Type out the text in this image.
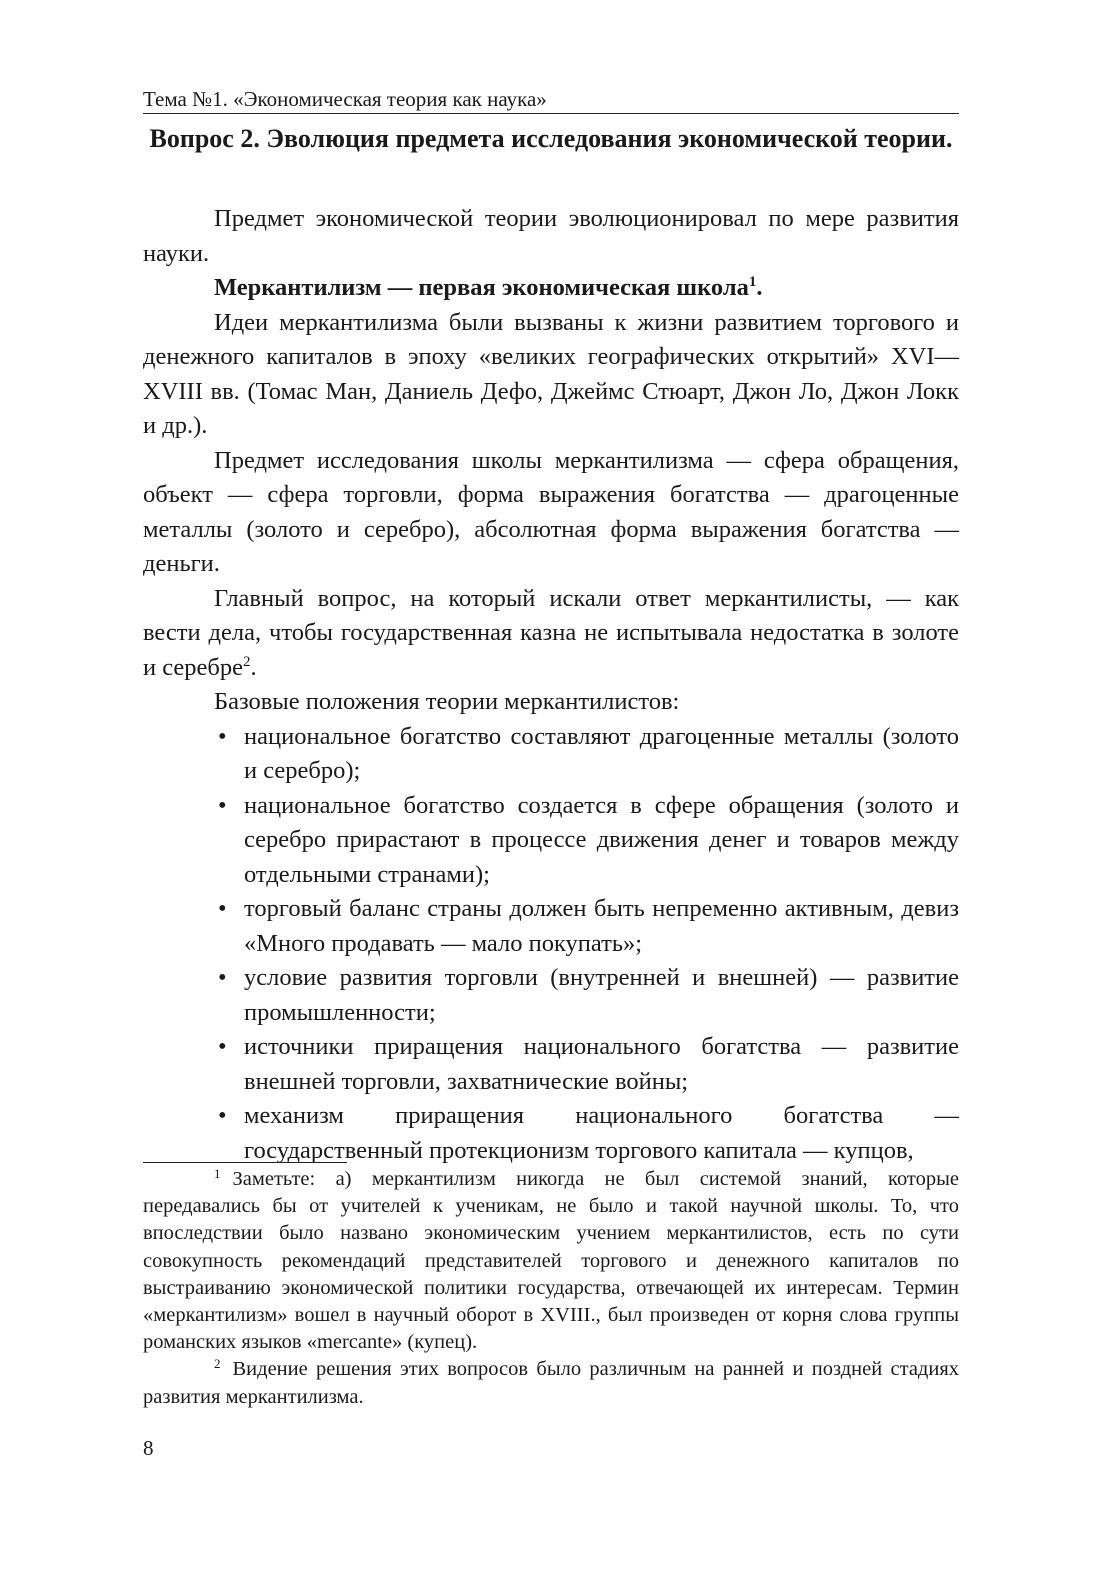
Тема №1. «Экономическая теория как наука»
Вопрос 2. Эволюция предмета исследования экономической теории.

Предмет экономической теории эволюционировал по мере развития науки.

Меркантилизм — первая экономическая школа$^1$.

Идеи меркантилизма были вызваны к жизни развитием торгового и денежного капиталов в эпоху «великих географических открытий» XVI—XVIII вв. (Томас Ман, Даниель Дефо, Джеймс Стюарт, Джон Ло, Джон Локк и др.).

Предмет исследования школы меркантилизма — сфера обращения, объект — сфера торговли, форма выражения богатства — драгоценные металлы (золото и серебро), абсолютная форма выражения богатства — деньги.

Главный вопрос, на который искали ответ меркантилисты, — как вести дела, чтобы государственная казна не испытывала недостатка в золоте и серебре$^2$.

Базовые положения теории меркантилистов:

• национальное богатство составляют драгоценные металлы (золото и серебро);
• национальное богатство создается в сфере обращения (золото и серебро прирастают в процессе движения денег и товаров между отдельными странами);
• торговый баланс страны должен быть непременно активным, девиз «Много продавать — мало покупать»;
• условие развития торговли (внутренней и внешней) — развитие промышленности;
• источники приращения национального богатства — развитие внешней торговли, захватнические войны;
• механизм приращения национального богатства — государственный протекционизм торгового капитала — купцов,

$^1$ Заметьте: а) меркантилизм никогда не был системой знаний, которые передавались бы от учителей к ученикам, не было и такой научной школы. То, что впоследствии было названо экономическим учением меркантилистов, есть по сути совокупность рекомендаций представителей торгового и денежного капиталов по выстраиванию экономической политики государства, отвечающей их интересам. Термин «меркантилизм» вошел в научный оборот в XVIII., был произведен от корня слова группы романских языков «mercante» (купец).

$^2$ Видение решения этих вопросов было различным на ранней и поздней стадиях развития меркантилизма.

8
